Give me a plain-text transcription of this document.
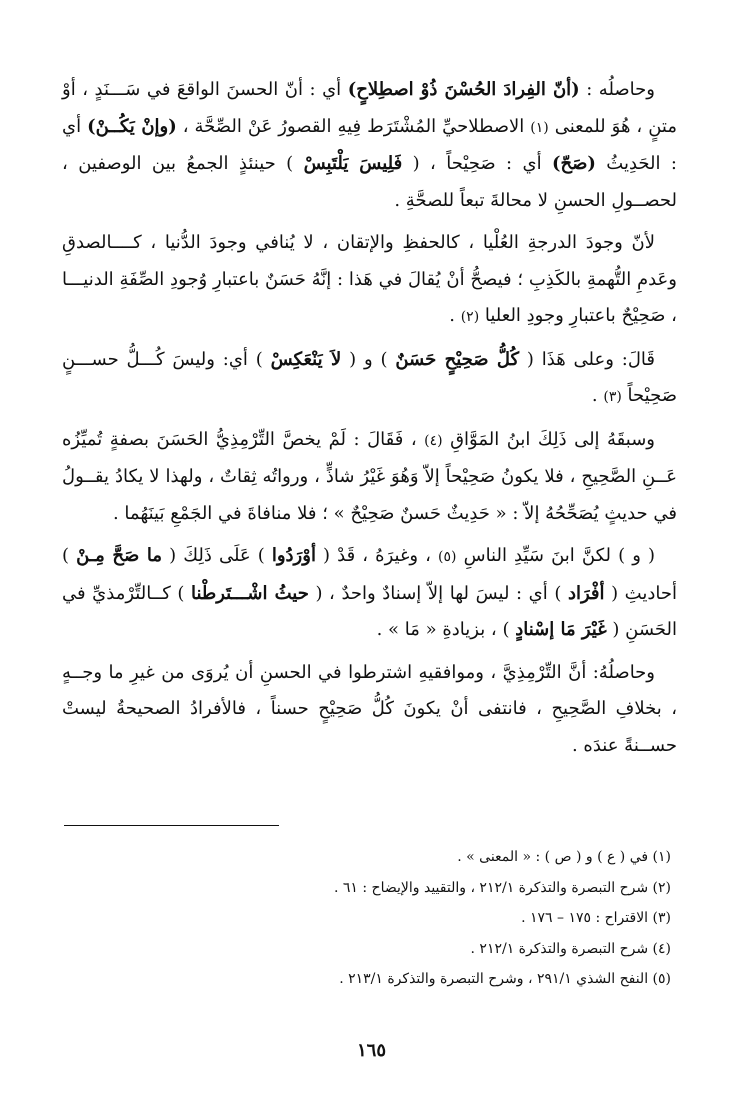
وحاصلُه : (أنّ الفِرادَ الحُسْنَ ذُوْ اصطِلاحٍ) أي : أنّ الحسنَ الواقعَ في سَـــنَدٍ ، أوْ متنٍ ، هُوَ للمعنى (١) الاصطلاحيِّ المُشْتَرَط فِيهِ القصورُ عَنْ الصِّحَّة ، (وإنْ يَكُــنْ) أي : الحَدِيثُ (صَحّ) أي : صَحِيْحاً ، ( فَلِيسَ يَلْتَبِسْ ) حينئذٍ الجمعُ بين الوصفين ، لحصــولِ الحسنِ لا محالةَ تبعاً للصحَّةِ .

لأنّ وجودَ الدرجةِ العُلْيا ، كالحفظِ والإتقان ، لا يُنافي وجودَ الدُّنيا ، كــــالصدقِ وعَدمِ التُّهمةِ بالكَذِبِ ؛ فيصحُّ أنْ يُقالَ في هَذا : إنَّهُ حَسَنٌ باعتبارِ وُجودِ الصِّفَةِ الدنيـــا ، صَحِيْحٌ باعتبارِ وجودِ العليا (٢) .

قَالَ: وعلى هَذَا ( كُلُّ صَحِيْحٍ حَسَنٌ ) و ( لاَ يَنْعَكِسْ ) أي: وليسَ كُـــلُّ حســـنٍ صَحِيْحاً (٣) .

وسبقَهُ إلى ذَلِكَ ابنُ المَوَّاقِ (٤) ، فَقَالَ : لَمْ يخصَّ التِّرْمِذِيُّ الحَسَنَ بصفةٍ تُميِّزُه عَــنِ الصَّحِيحِ ، فلا يكونُ صَحِيْحاً إلاّ وَهُوَ غَيْرُ شاذٍّ ، ورواتُه ثِقاتٌ ، ولهذا لا يكادُ يقــولُ في حديثٍ يُصَحِّحُهُ إلاّ : « حَدِيثٌ حَسنٌ صَحِيْحٌ » ؛ فلا منافاةَ في الجَمْعِ بَينَهُما .

( و ) لكنَّ ابنَ سَيِّدِ الناسِ (٥) ، وغيرَهُ ، قَدْ ( أوْرَدُوا ) عَلَى ذَلِكَ ( ما صَحَّ مِـنْ ) أحاديثِ ( أفْرَاد ) أي : ليسَ لها إلاّ إسنادٌ واحدٌ ، ( حيثُ اشْـــتَرطْنا ) كــالتِّرْمذيِّ في الحَسَنِ ( غَيْرَ مَا إسْنادٍ ) ، بزيادةِ « مَا » .

وحاصلُهُ: أنَّ التِّرْمِذِيَّ ، وموافقيهِ اشترطوا في الحسنِ أن يُروَى من غيرِ ما وجــهٍ ، بخلافِ الصَّحِيحِ ، فانتفى أنْ يكونَ كُلُّ صَحِيْحٍ حسناً ، فالأفرادُ الصحيحةُ ليستْ حســنةً عندَه .

(١) في ( ع ) و ( ص ) : « المعنى » .

(٢) شرح التبصرة والتذكرة ٢١٢/١ ، والتقييد والإيضاح : ٦١ .

(٣) الاقتراح : ١٧٥ – ١٧٦ .

(٤) شرح التبصرة والتذكرة ٢١٢/١ .

(٥) النفح الشذي ٢٩١/١ ، وشرح التبصرة والتذكرة ٢١٣/١ .

١٦٥
